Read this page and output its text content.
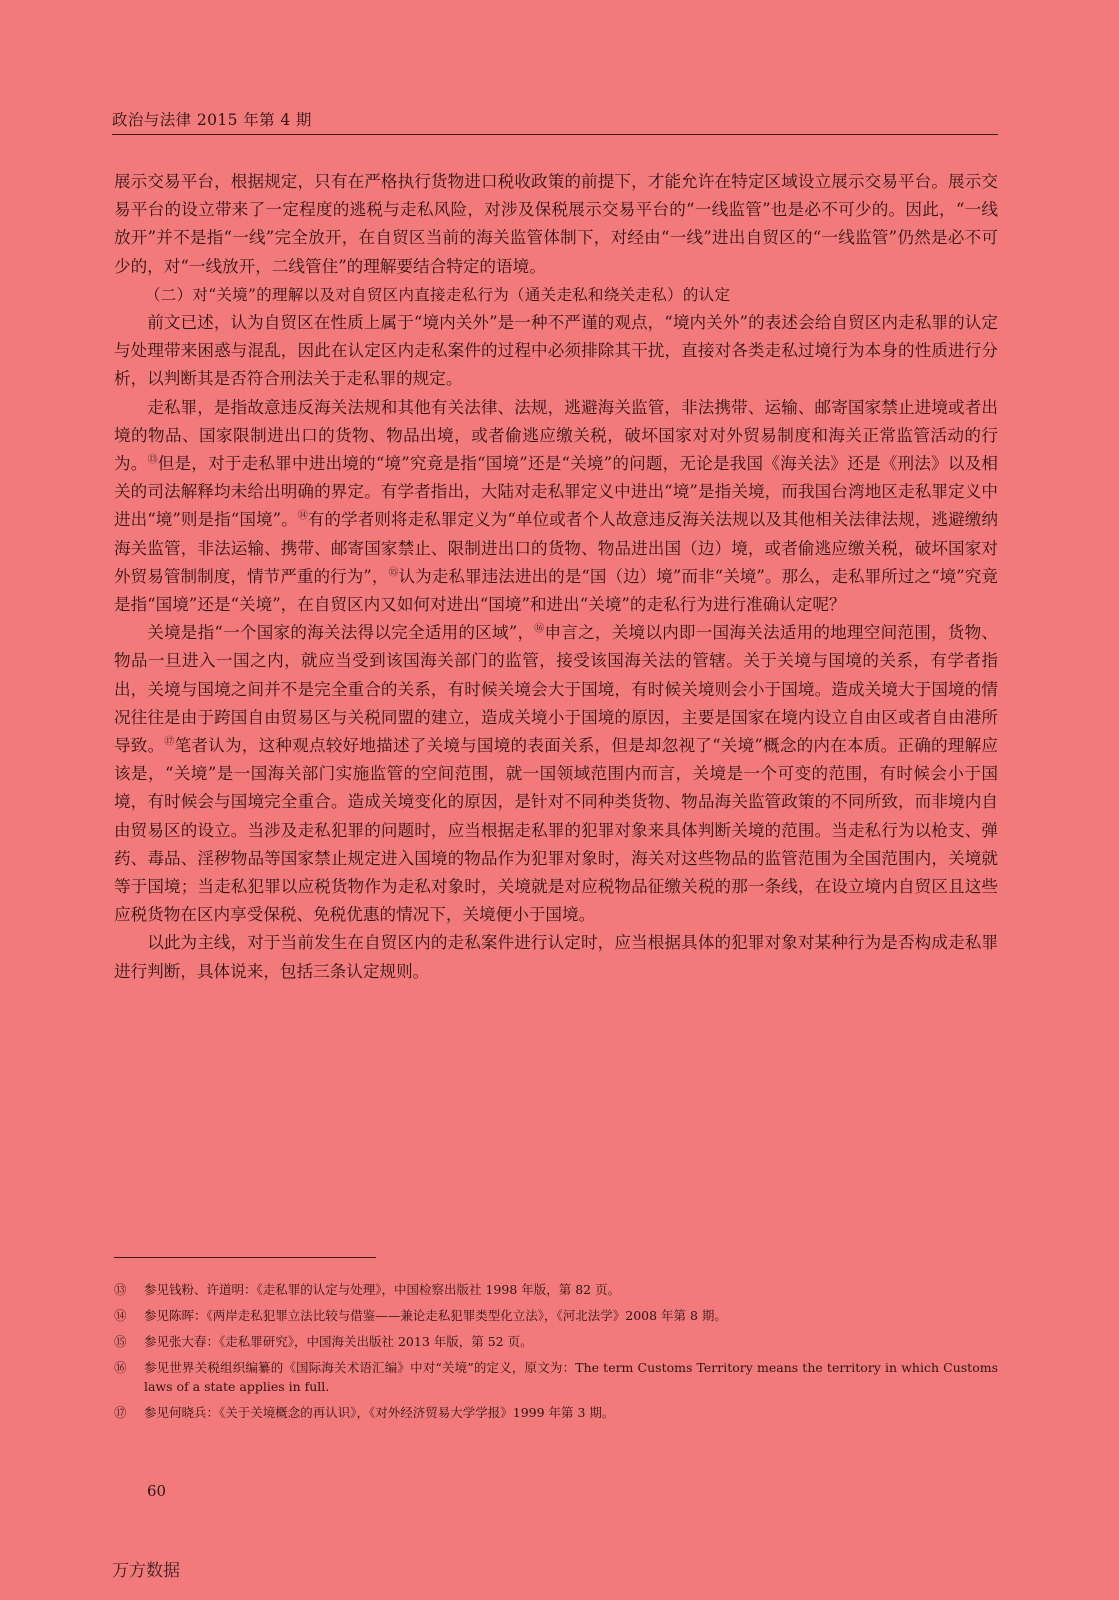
政治与法律 2015 年第 4 期

展示交易平台，根据规定，只有在严格执行货物进口税收政策的前提下，才能允许在特定区域设立展示交易平台。展示交易平台的设立带来了一定程度的逃税与走私风险，对涉及保税展示交易平台的“一线监管”也是必不可少的。因此，“一线放开”并不是指“一线”完全放开，在自贸区当前的海关监管体制下，对经由“一线”进出自贸区的“一线监管”仍然是必不可少的，对“一线放开，二线管住”的理解要结合特定的语境。

（二）对“关境”的理解以及对自贸区内直接走私行为（通关走私和绕关走私）的认定

前文已述，认为自贸区在性质上属于“境内关外”是一种不严谨的观点，“境内关外”的表述会给自贸区内走私罪的认定与处理带来困惑与混乱，因此在认定区内走私案件的过程中必须排除其干扰，直接对各类走私过境行为本身的性质进行分析，以判断其是否符合刑法关于走私罪的规定。

走私罪，是指故意违反海关法规和其他有关法律、法规，逃避海关监管，非法携带、运输、邮寄国家禁止进境或者出境的物品、国家限制进出口的货物、物品出境，或者偷逃应缴关税，破坏国家对对外贸易制度和海关正常监管活动的行为。⑬但是，对于走私罪中进出境的“境”究竟是指“国境”还是“关境”的问题，无论是我国《海关法》还是《刑法》以及相关的司法解释均未给出明确的界定。有学者指出，大陆对走私罪定义中进出“境”是指关境，而我国台湾地区走私罪定义中进出“境”则是指“国境”。⑭有的学者则将走私罪定义为“单位或者个人故意违反海关法规以及其他相关法律法规，逃避缴纳海关监管，非法运输、携带、邮寄国家禁止、限制进出口的货物、物品进出国（边）境，或者偷逃应缴关税，破坏国家对外贸易管制制度，情节严重的行为”，⑮认为走私罪违法进出的是“国（边）境”而非“关境”。那么，走私罪所过之“境”究竟是指“国境”还是“关境”，在自贸区内又如何对进出“国境”和进出“关境”的走私行为进行准确认定呢？

关境是指“一个国家的海关法得以完全适用的区域”，⑯申言之，关境以内即一国海关法适用的地理空间范围，货物、物品一旦进入一国之内，就应当受到该国海关部门的监管，接受该国海关法的管辖。关于关境与国境的关系，有学者指出，关境与国境之间并不是完全重合的关系，有时候关境会大于国境，有时候关境则会小于国境。造成关境大于国境的情况往往是由于跨国自由贸易区与关税同盟的建立，造成关境小于国境的原因，主要是国家在境内设立自由区或者自由港所导致。⑰笔者认为，这种观点较好地描述了关境与国境的表面关系，但是却忽视了“关境”概念的内在本质。正确的理解应该是，“关境”是一国海关部门实施监管的空间范围，就一国领域范围内而言，关境是一个可变的范围，有时候会小于国境，有时候会与国境完全重合。造成关境变化的原因，是针对不同种类货物、物品海关监管政策的不同所致，而非境内自由贸易区的设立。当涉及走私犯罪的问题时，应当根据走私罪的犯罪对象来具体判断关境的范围。当走私行为以枪支、弹药、毒品、淫秽物品等国家禁止规定进入国境的物品作为犯罪对象时，海关对这些物品的监管范围为全国范围内，关境就等于国境；当走私犯罪以应税货物作为走私对象时，关境就是对应税物品征缴关税的那一条线，在设立境内自贸区且这些应税货物在区内享受保税、免税优惠的情况下，关境便小于国境。

以此为主线，对于当前发生在自贸区内的走私案件进行认定时，应当根据具体的犯罪对象对某种行为是否构成走私罪进行判断，具体说来，包括三条认定规则。

⑬	参见钱粉、许道明：《走私罪的认定与处理》，中国检察出版社 1998 年版，第 82 页。
⑭	参见陈晖：《两岸走私犯罪立法比较与借鉴——兼论走私犯罪类型化立法》，《河北法学》2008 年第 8 期。
⑮	参见张大春：《走私罪研究》，中国海关出版社 2013 年版，第 52 页。
⑯	参见世界关税组织编纂的《国际海关术语汇编》中对“关境”的定义，原文为：The term Customs Territory means the territory in which Customs laws of a state applies in full.
⑰	参见何晓兵：《关于关境概念的再认识》，《对外经济贸易大学学报》1999 年第 3 期。
60
万方数据
